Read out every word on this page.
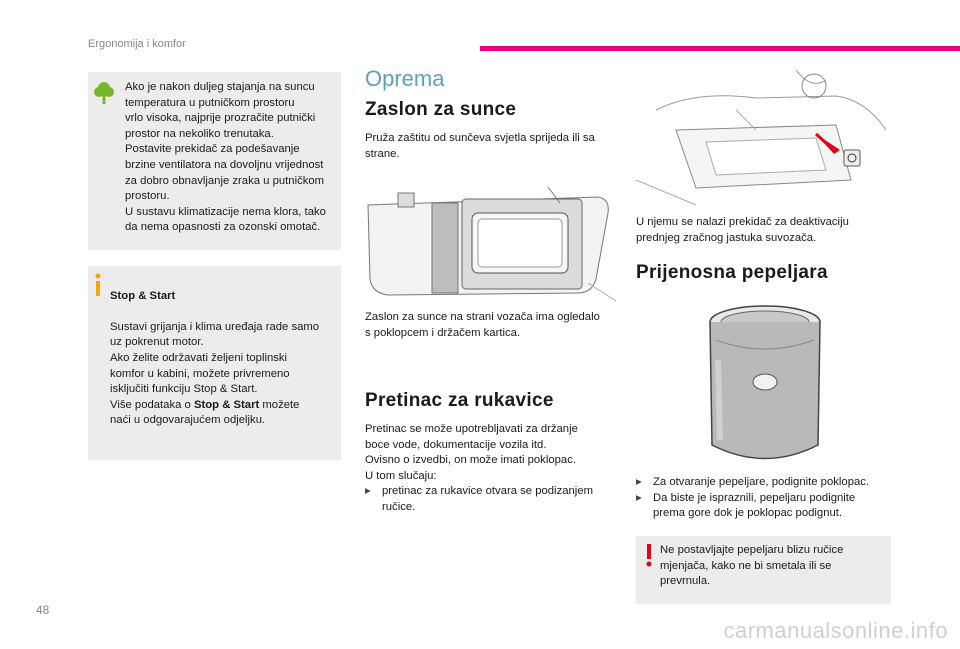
Ergonomija i komfor
Ako je nakon duljeg stajanja na suncu
temperatura u putničkom prostoru
vrlo visoka, najprije prozračite putnički
prostor na nekoliko trenutaka.
Postavite prekidač za podešavanje
brzine ventilatora na dovoljnu vrijednost
za dobro obnavljanje zraka u putničkom
prostoru.
U sustavu klimatizacije nema klora, tako
da nema opasnosti za ozonski omotač.

Stop & Start

Sustavi grijanja i klima uređaja rade samo
uz pokrenut motor.
Ako želite održavati željeni toplinski
komfor u kabini, možete privremeno
isključiti funkciju Stop & Start.
Više podataka o Stop & Start možete
naći u odgovarajućem odjeljku.

Oprema
Zaslon za sunce
Pruža zaštitu od sunčeva svjetla sprijeda ili sa
strane.
Zaslon za sunce na strani vozača ima ogledalo
s poklopcem i držačem kartica.
Pretinac za rukavice
Pretinac se može upotrebljavati za držanje
boce vode, dokumentacije vozila itd.
Ovisno o izvedbi, on može imati poklopac.
U tom slučaju:
▸	pretinac za rukavice otvara se podizanjem
ručice.
U njemu se nalazi prekidač za deaktivaciju
prednjeg zračnog jastuka suvozača.
Prijenosna pepeljara
▸	Za otvaranje pepeljare, podignite poklopac.
▸	Da biste je ispraznili, pepeljaru podignite
prema gore dok je poklopac podignut.
Ne postavljajte pepeljaru blizu ručice
mjenjača, kako ne bi smetala ili se
prevrnula.
48
carmanualsonline.info
